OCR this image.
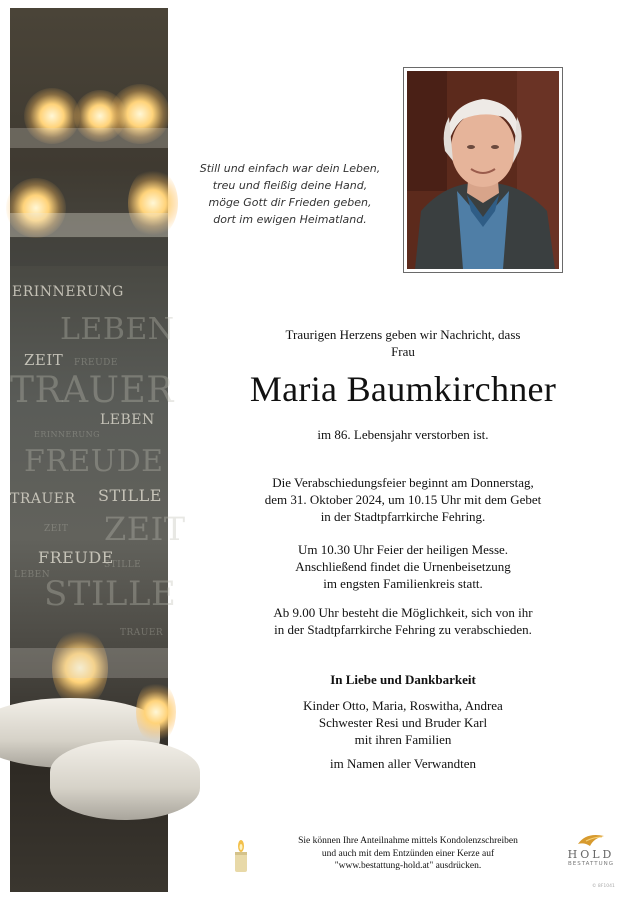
ERINNERUNG
LEBEN
ZEIT FREUDE
TRAUER
LEBEN
ERINNERUNG
FREUDE
TRAUER STILLE
ZEIT ZEIT
FREUDE
STILLE
LEBEN
STILLE
TRAUER
Still und einfach war dein Leben,
treu und fleißig deine Hand,
möge Gott dir Frieden geben,
dort im ewigen Heimatland.
Traurigen Herzens geben wir Nachricht, dass
Frau
Maria Baumkirchner
im 86. Lebensjahr verstorben ist.
Die Verabschiedungsfeier beginnt am Donnerstag,
dem 31. Oktober 2024, um 10.15 Uhr mit dem Gebet
in der Stadtpfarrkirche Fehring.
Um 10.30 Uhr Feier der heiligen Messe.
Anschließend findet die Urnenbeisetzung
im engsten Familienkreis statt.
Ab 9.00 Uhr besteht die Möglichkeit, sich von ihr
in der Stadtpfarrkirche Fehring zu verabschieden.
In Liebe und Dankbarkeit
Kinder Otto, Maria, Roswitha, Andrea
Schwester Resi und Bruder Karl
mit ihren Familien
im Namen aller Verwandten
Sie können Ihre Anteilnahme mittels Kondolenzschreiben
und auch mit dem Entzünden einer Kerze auf
"www.bestattung-hold.at" ausdrücken.
HOLD
BESTATTUNG
© 8F1041
